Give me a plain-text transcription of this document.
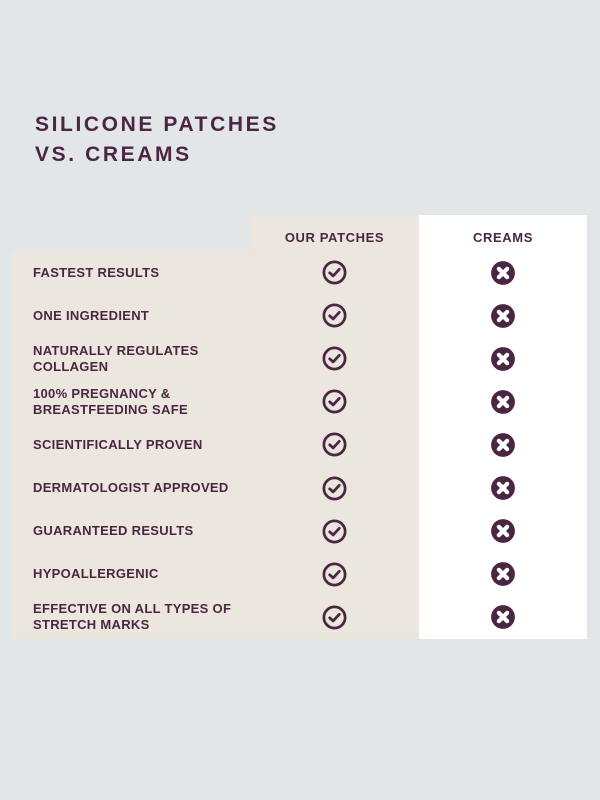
SILICONE PATCHES
VS. CREAMS
OUR PATCHES	CREAMS
FASTEST RESULTS
ONE INGREDIENT
NATURALLY REGULATES COLLAGEN
100% PREGNANCY & BREASTFEEDING SAFE
SCIENTIFICALLY PROVEN
DERMATOLOGIST APPROVED
GUARANTEED RESULTS
HYPOALLERGENIC
EFFECTIVE ON ALL TYPES OF STRETCH MARKS
